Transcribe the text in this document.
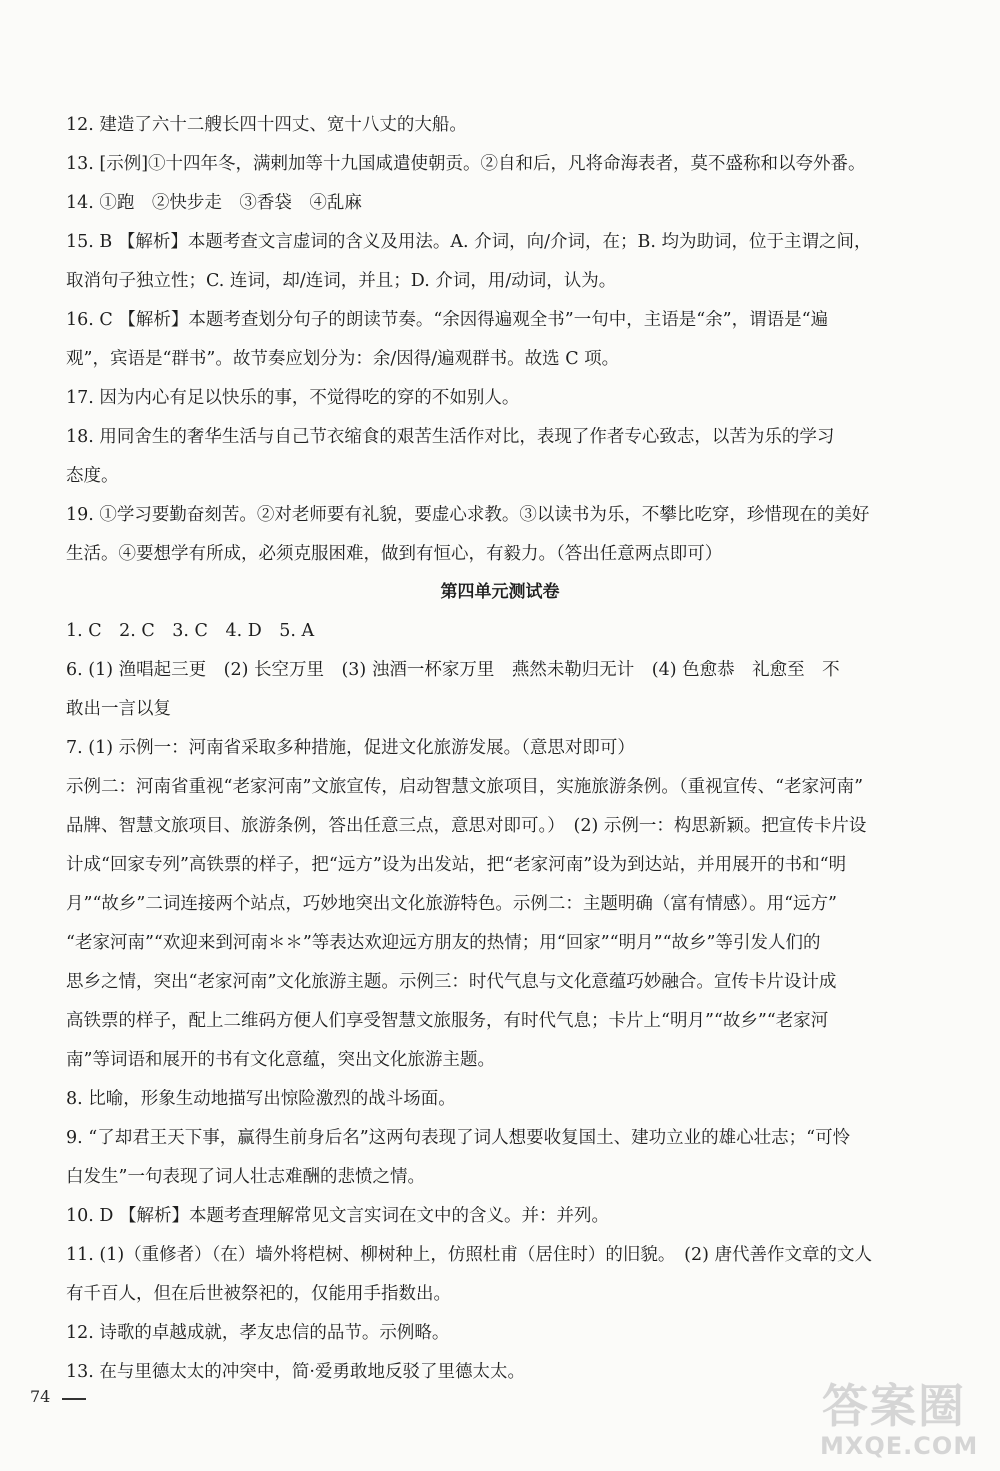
12. 建造了六十二艘长四十四丈、宽十八丈的大船。
13. [示例]①十四年冬，满剌加等十九国咸遣使朝贡。②自和后，凡将命海表者，莫不盛称和以夸外番。
14. ①跑　②快步走　③香袋　④乱麻
15. B 【解析】本题考查文言虚词的含义及用法。A. 介词，向/介词，在；B. 均为助词，位于主谓之间，
取消句子独立性；C. 连词，却/连词，并且；D. 介词，用/动词，认为。
16. C 【解析】本题考查划分句子的朗读节奏。“余因得遍观全书”一句中，主语是“余”，谓语是“遍
观”，宾语是“群书”。故节奏应划分为：余/因得/遍观群书。故选 C 项。
17. 因为内心有足以快乐的事，不觉得吃的穿的不如别人。
18. 用同舍生的奢华生活与自己节衣缩食的艰苦生活作对比，表现了作者专心致志，以苦为乐的学习
态度。
19. ①学习要勤奋刻苦。②对老师要有礼貌，要虚心求教。③以读书为乐，不攀比吃穿，珍惜现在的美好
生活。④要想学有所成，必须克服困难，做到有恒心，有毅力。（答出任意两点即可）
第四单元测试卷
1. C　2. C　3. C　4. D　5. A
6. (1) 渔唱起三更　(2) 长空万里　(3) 浊酒一杯家万里　燕然未勒归无计　(4) 色愈恭　礼愈至　不
敢出一言以复
7. (1) 示例一：河南省采取多种措施，促进文化旅游发展。（意思对即可）
示例二：河南省重视“老家河南”文旅宣传，启动智慧文旅项目，实施旅游条例。（重视宣传、“老家河南”
品牌、智慧文旅项目、旅游条例，答出任意三点，意思对即可。）　(2) 示例一：构思新颖。把宣传卡片设
计成“回家专列”高铁票的样子，把“远方”设为出发站，把“老家河南”设为到达站，并用展开的书和“明
月”“故乡”二词连接两个站点，巧妙地突出文化旅游特色。示例二：主题明确（富有情感）。用“远方”
“老家河南”“欢迎来到河南＊＊”等表达欢迎远方朋友的热情；用“回家”“明月”“故乡”等引发人们的
思乡之情，突出“老家河南”文化旅游主题。示例三：时代气息与文化意蕴巧妙融合。宣传卡片设计成
高铁票的样子，配上二维码方便人们享受智慧文旅服务，有时代气息；卡片上“明月”“故乡”“老家河
南”等词语和展开的书有文化意蕴，突出文化旅游主题。
8. 比喻，形象生动地描写出惊险激烈的战斗场面。
9. “了却君王天下事，赢得生前身后名”这两句表现了词人想要收复国土、建功立业的雄心壮志；“可怜
白发生”一句表现了词人壮志难酬的悲愤之情。
10. D 【解析】本题考查理解常见文言实词在文中的含义。并：并列。
11. (1)（重修者）（在）墙外将桤树、柳树种上，仿照杜甫（居住时）的旧貌。　(2) 唐代善作文章的文人
有千百人，但在后世被祭祀的，仅能用手指数出。
12. 诗歌的卓越成就，孝友忠信的品节。示例略。
13. 在与里德太太的冲突中，简·爱勇敢地反驳了里德太太。
74	答案圈
MXQE.COM
